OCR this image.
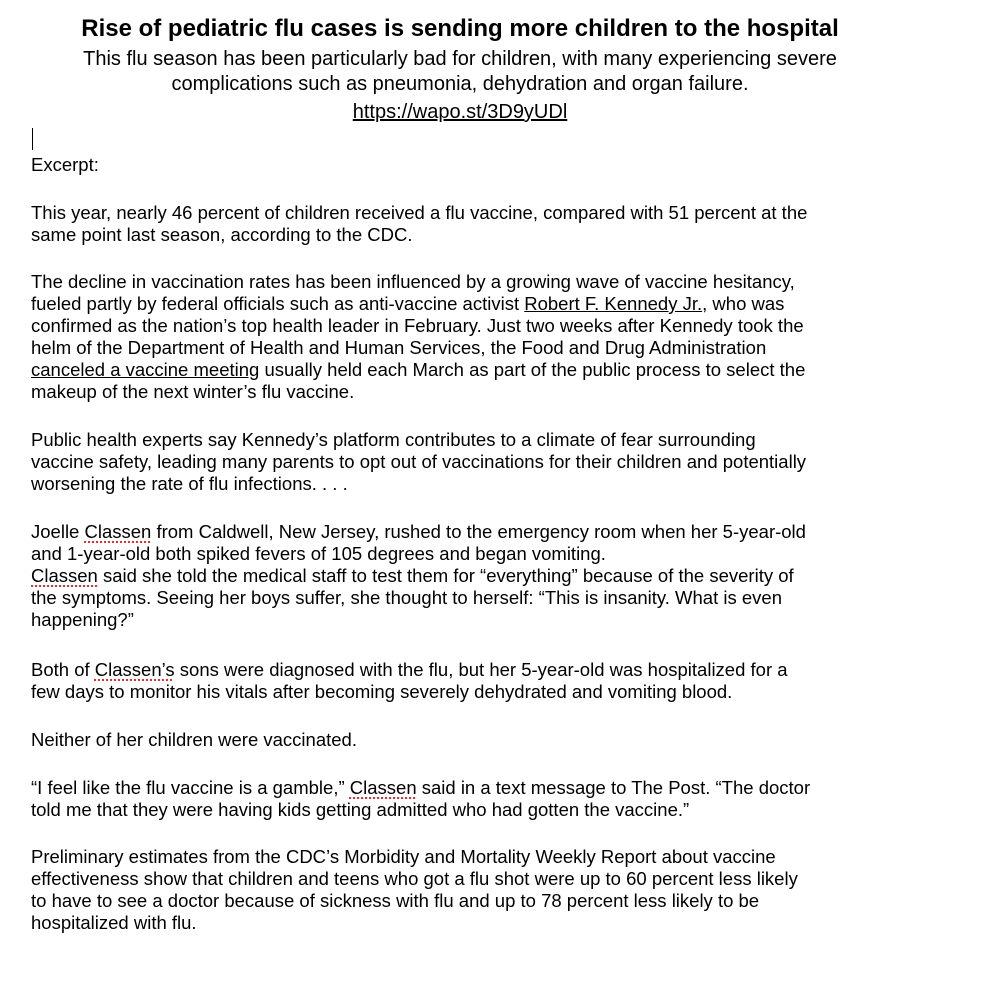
Rise of pediatric flu cases is sending more children to the hospital

This flu season has been particularly bad for children, with many experiencing severe
complications such as pneumonia, dehydration and organ failure.

https://wapo.st/3D9yUDl

Excerpt:

This year, nearly 46 percent of children received a flu vaccine, compared with 51 percent at the
same point last season, according to the CDC.

The decline in vaccination rates has been influenced by a growing wave of vaccine hesitancy,
fueled partly by federal officials such as anti-vaccine activist Robert F. Kennedy Jr., who was
confirmed as the nation’s top health leader in February. Just two weeks after Kennedy took the
helm of the Department of Health and Human Services, the Food and Drug Administration
canceled a vaccine meeting usually held each March as part of the public process to select the
makeup of the next winter’s flu vaccine.

Public health experts say Kennedy’s platform contributes to a climate of fear surrounding
vaccine safety, leading many parents to opt out of vaccinations for their children and potentially
worsening the rate of flu infections. . . .

Joelle Classen from Caldwell, New Jersey, rushed to the emergency room when her 5-year-old
and 1-year-old both spiked fevers of 105 degrees and began vomiting.
Classen said she told the medical staff to test them for “everything” because of the severity of
the symptoms. Seeing her boys suffer, she thought to herself: “This is insanity. What is even
happening?”

Both of Classen’s sons were diagnosed with the flu, but her 5-year-old was hospitalized for a
few days to monitor his vitals after becoming severely dehydrated and vomiting blood.

Neither of her children were vaccinated.

“I feel like the flu vaccine is a gamble,” Classen said in a text message to The Post. “The doctor
told me that they were having kids getting admitted who had gotten the vaccine.”

Preliminary estimates from the CDC’s Morbidity and Mortality Weekly Report about vaccine
effectiveness show that children and teens who got a flu shot were up to 60 percent less likely
to have to see a doctor because of sickness with flu and up to 78 percent less likely to be
hospitalized with flu.
